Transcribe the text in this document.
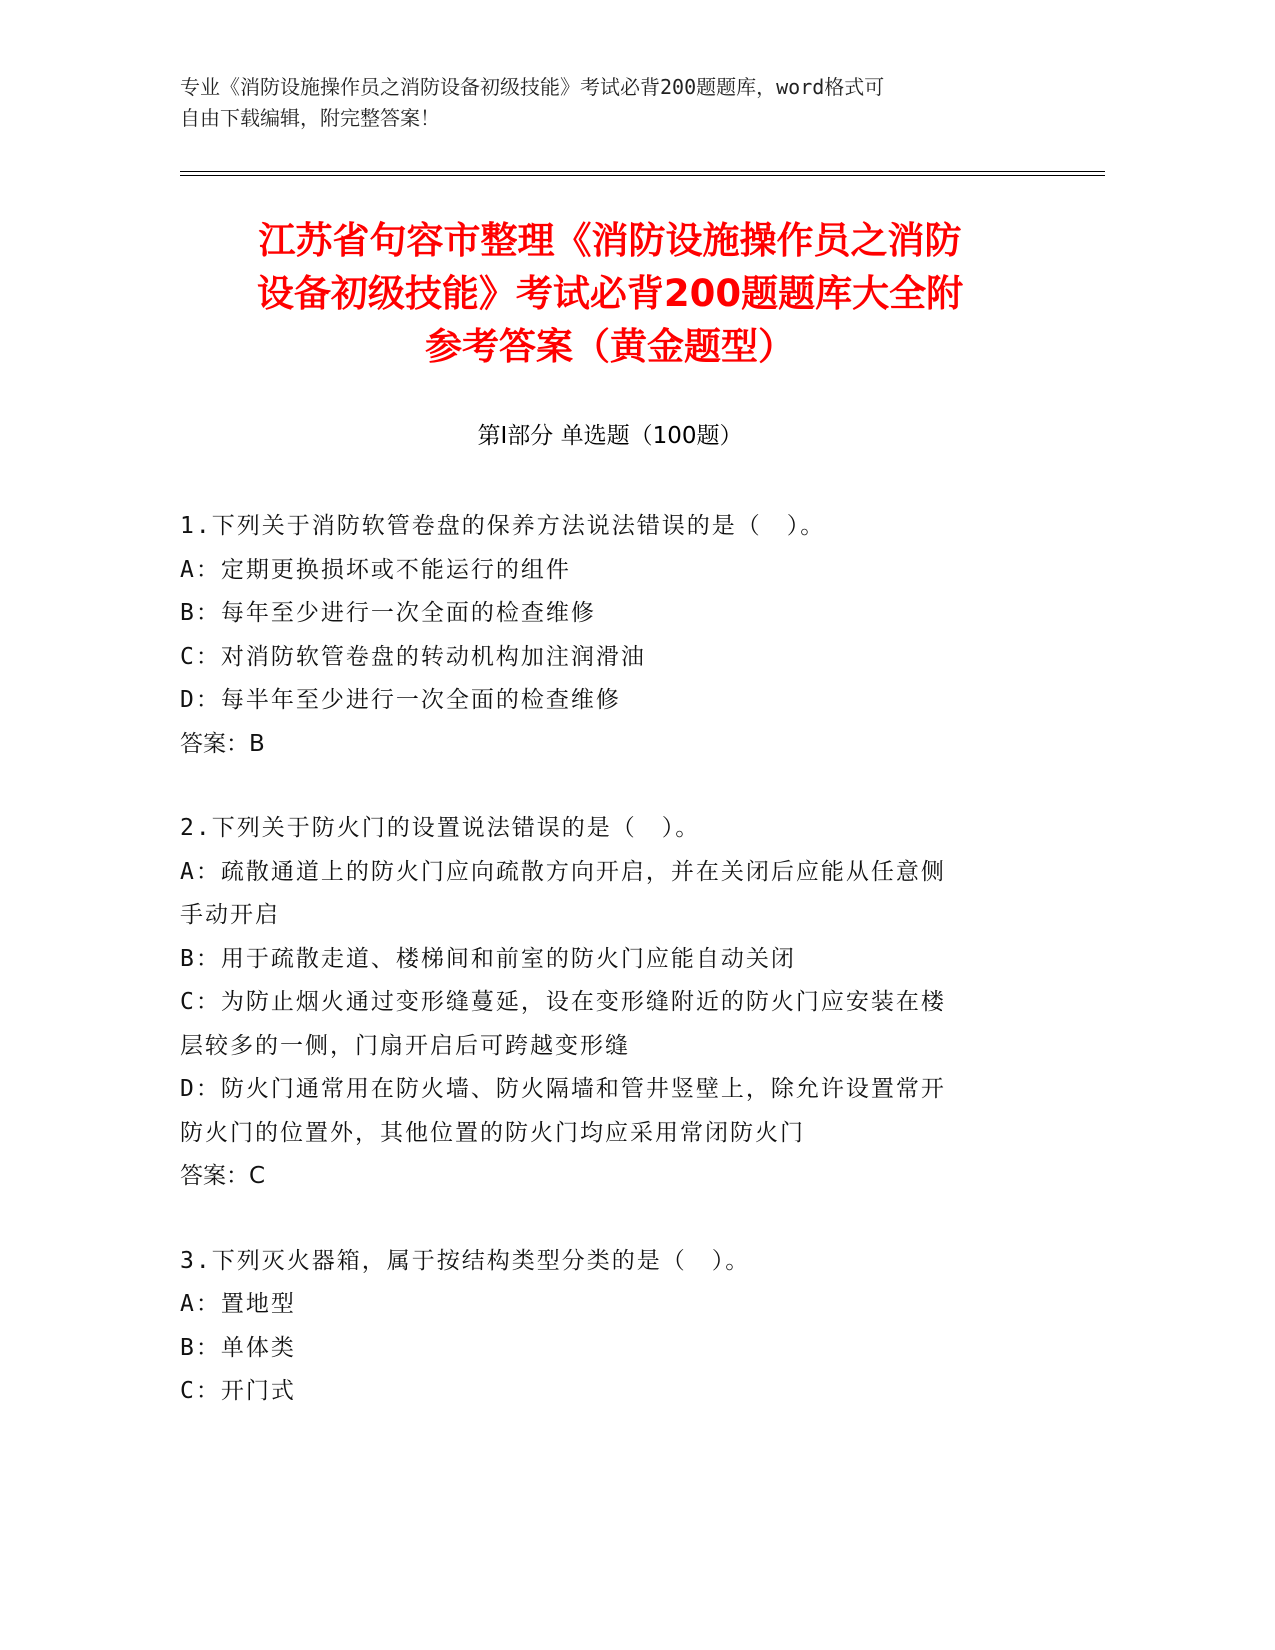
专业《消防设施操作员之消防设备初级技能》考试必背200题题库，word格式可
自由下载编辑，附完整答案！
江苏省句容市整理《消防设施操作员之消防
设备初级技能》考试必背200题题库大全附
参考答案（黄金题型）
第Ⅰ部分 单选题（100题）
1.下列关于消防软管卷盘的保养方法说法错误的是（　）。
A：定期更换损坏或不能运行的组件
B：每年至少进行一次全面的检查维修
C：对消防软管卷盘的转动机构加注润滑油
D：每半年至少进行一次全面的检查维修
答案：B
2.下列关于防火门的设置说法错误的是（　）。
A：疏散通道上的防火门应向疏散方向开启，并在关闭后应能从任意侧
手动开启
B：用于疏散走道、楼梯间和前室的防火门应能自动关闭
C：为防止烟火通过变形缝蔓延，设在变形缝附近的防火门应安装在楼
层较多的一侧，门扇开启后可跨越变形缝
D：防火门通常用在防火墙、防火隔墙和管井竖壁上，除允许设置常开
防火门的位置外，其他位置的防火门均应采用常闭防火门
答案：C
3.下列灭火器箱，属于按结构类型分类的是（　）。
A：置地型
B：单体类
C：开门式
